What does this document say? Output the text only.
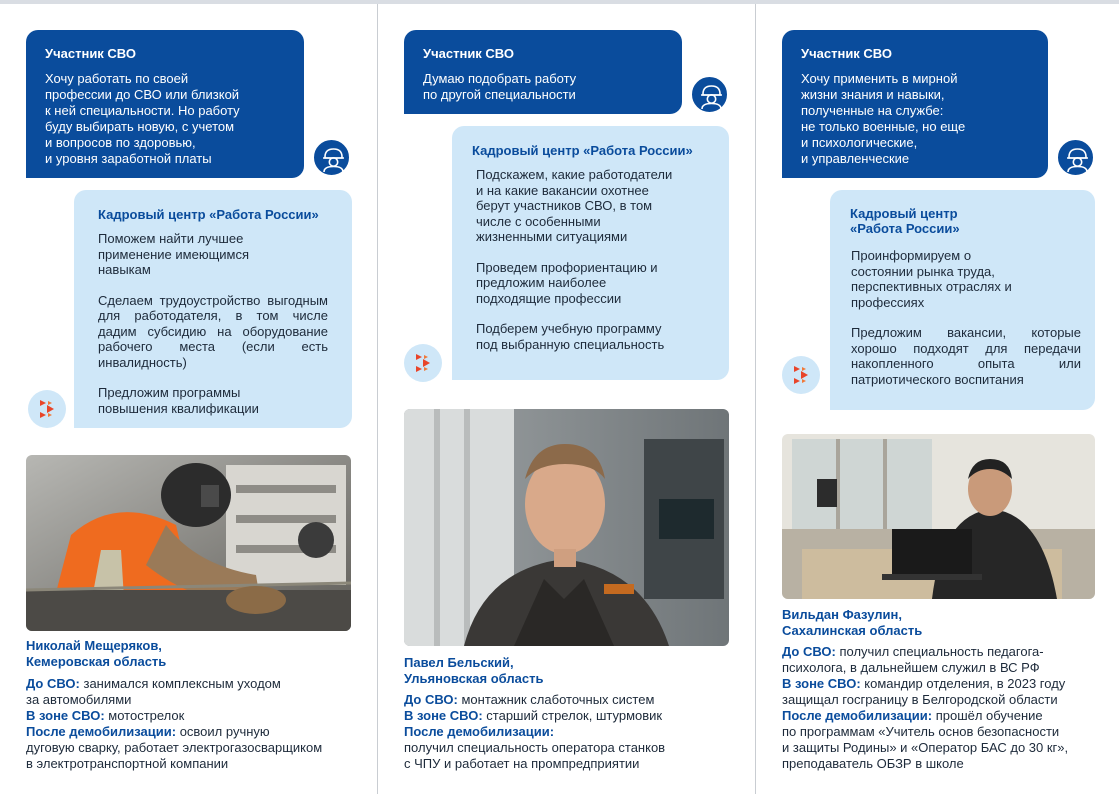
Участник СВО
Хочу работать по своей
профессии до СВО или близкой
к ней специальности. Но работу
буду выбирать новую, с учетом
и вопросов по здоровью,
и уровня заработной платы
Кадровый центр «Работа России»
Поможем найти лучшее
применение имеющимся
навыкам
Сделаем трудоустройство выгодным для работодателя, в том числе дадим субсидию на оборудование рабочего места (если есть инвалидность)
Предложим программы
повышения квалификации
Николай Мещеряков,
Кемеровская область
До СВО: занимался комплексным уходом
за автомобилями
В зоне СВО: мотострелок
После демобилизации: освоил ручную
дуговую сварку, работает электрогазосварщиком
в электротранспортной компании
Участник СВО
Думаю подобрать работу
по другой специальности
Кадровый центр «Работа России»
Подскажем, какие работодатели
и на какие вакансии охотнее
берут участников СВО, в том
числе с особенными
жизненными ситуациями
Проведем профориентацию и
предложим наиболее
подходящие профессии
Подберем учебную программу
под выбранную специальность
Павел Бельский,
Ульяновская область
До СВО: монтажник слаботочных систем
В зоне СВО: старший стрелок, штурмовик
После демобилизации:
получил специальность оператора станков
с ЧПУ и работает на промпредприятии
Участник СВО
Хочу применить в мирной
жизни знания и навыки,
полученные на службе:
не только военные, но еще
и психологические,
и управленческие
Кадровый центр
«Работа России»
Проинформируем о
состоянии рынка труда,
перспективных отраслях и
профессиях
Предложим вакансии, которые хорошо подходят для передачи накопленного опыта или патриотического воспитания
Вильдан Фазулин,
Сахалинская область
До СВО: получил специальность педагога-
психолога, в дальнейшем служил в ВС РФ
В зоне СВО: командир отделения, в 2023 году
защищал госграницу в Белгородской области
После демобилизации: прошёл обучение
по программам «Учитель основ безопасности
и защиты Родины» и «Оператор БАС до 30 кг»,
преподаватель ОБЗР в школе
